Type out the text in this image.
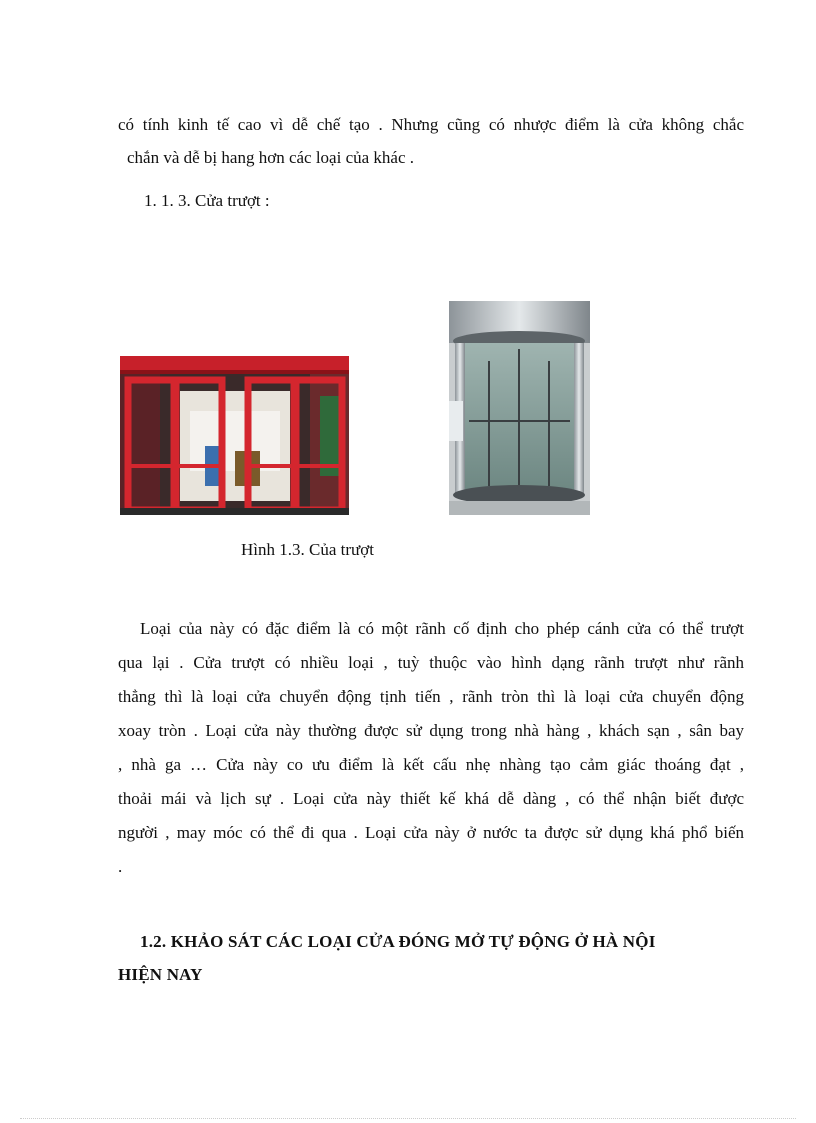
có tính kinh tế cao vì dễ chế tạo . Nhưng cũng có nhược điểm là cửa không chắc
chắn và dễ bị hang hơn các loại của khác .
1. 1. 3. Cửa trượt :
Hình 1.3. Của trượt
Loại của này có đặc điểm là có một rãnh cố định cho phép cánh cửa có thể trượt
qua lại . Cửa trượt có nhiều loại , tuỳ thuộc vào hình dạng rãnh trượt như rãnh
thẳng thì là loại cửa chuyển động tịnh tiến , rãnh tròn thì là loại cửa chuyển động
xoay tròn . Loại cửa này thường được sử dụng trong nhà hàng , khách sạn , sân bay
, nhà ga … Cửa này co ưu điểm là kết cấu nhẹ nhàng tạo cảm giác thoáng đạt ,
thoải mái và lịch sự . Loại cửa này thiết kế khá dễ dàng , có thể nhận biết được
người , may móc có thể đi qua . Loại cửa này ở nước ta được sử dụng khá phổ biến
.
1.2. KHẢO SÁT CÁC LOẠI CỬA ĐÓNG MỞ TỰ ĐỘNG Ở HÀ NỘI
HIỆN NAY
